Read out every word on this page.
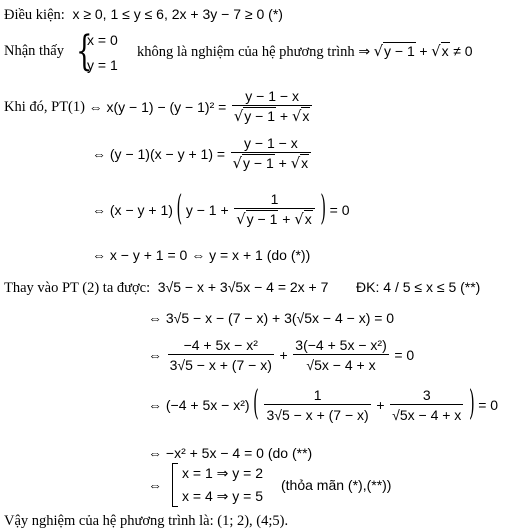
Điều kiện: x ≥ 0, 1 ≤ y ≤ 6, 2x + 3y − 7 ≥ 0 (*)
Nhận thấy {
x = 0
y = 1
không là nghiệm của hệ phương trình ⇒ √y − 1 + √x ≠ 0
Khi đó, PT(1) ⇔ $x(y - 1) - (y - 1)^2 = \frac{y - 1 - x}{√y - 1 + √x}$
⇔ $(y - 1)(x - y + 1) = \frac{y - 1 - x}{√y - 1 + √x}$
⇔ (x − y + 1) ( $y - 1 + \frac{1}{√y - 1 + √x}$ ) = 0
⇔ x − y + 1 = 0 ⇔ y = x + 1 (do (*))
Thay vào PT (2) ta được: 3√5 − x + 3√5x − 4 = 2x + 7 ĐK: 4 / 5 ≤ x ≤ 5 (**)
⇔ 3√5 − x − (7 − x) + 3(√5x − 4 − x) = 0
⇔ $\frac{\text{−4 + 5x − x²}}{3√5 - x + (7 - x)} + \frac{\text{3(−4 + 5x − x²)}}{√5x - 4 + x} = 0$
⇔ (−4 + 5x − x²) ( $\frac{1}{3√5 - x + (7 - x)} + \frac{3}{√5x - 4 + x}$ ) = 0
⇔ −x² + 5x − 4 = 0 (do (**)
⇔
x = 1 ⇒ y = 2
x = 4 ⇒ y = 5
(thỏa mãn (*),(**))
Vậy nghiệm của hệ phương trình là: (1; 2), (4;5).
